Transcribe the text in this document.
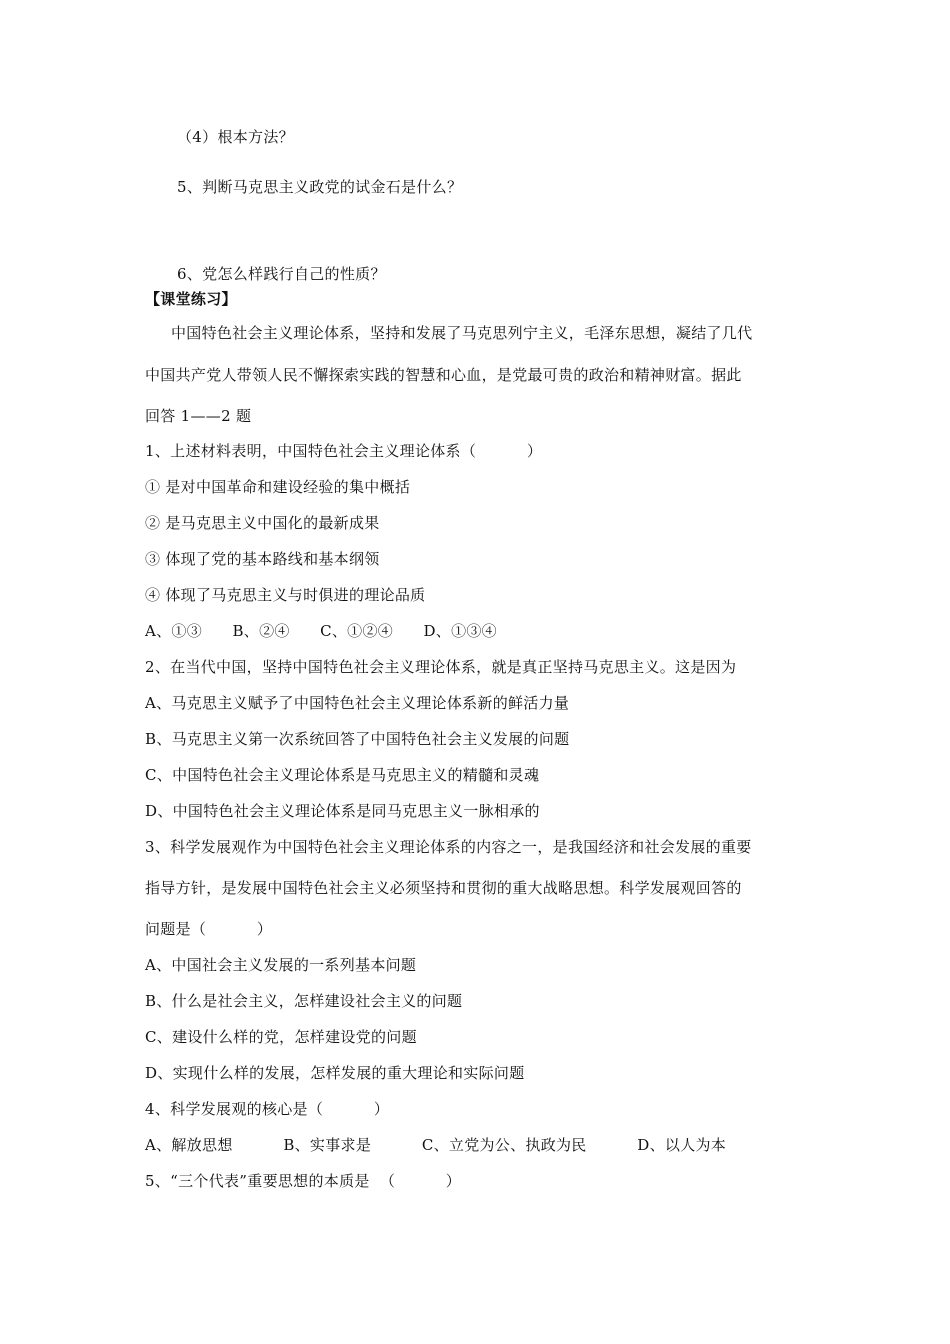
（4）根本方法？
5、判断马克思主义政党的试金石是什么？
6、党怎么样践行自己的性质？
【课堂练习】
中国特色社会主义理论体系，坚持和发展了马克思列宁主义，毛泽东思想，凝结了几代
中国共产党人带领人民不懈探索实践的智慧和心血，是党最可贵的政治和精神财富。据此
回答 1——2 题
1、上述材料表明，中国特色社会主义理论体系（          ）
① 是对中国革命和建设经验的集中概括
② 是马克思主义中国化的最新成果
③ 体现了党的基本路线和基本纲领
④ 体现了马克思主义与时俱进的理论品质
A、①③      B、②④      C、①②④      D、①③④
2、在当代中国，坚持中国特色社会主义理论体系，就是真正坚持马克思主义。这是因为
A、马克思主义赋予了中国特色社会主义理论体系新的鲜活力量
B、马克思主义第一次系统回答了中国特色社会主义发展的问题
C、中国特色社会主义理论体系是马克思主义的精髓和灵魂
D、中国特色社会主义理论体系是同马克思主义一脉相承的
3、科学发展观作为中国特色社会主义理论体系的内容之一，是我国经济和社会发展的重要
指导方针，是发展中国特色社会主义必须坚持和贯彻的重大战略思想。科学发展观回答的
问题是（          ）
A、中国社会主义发展的一系列基本问题
B、什么是社会主义，怎样建设社会主义的问题
C、建设什么样的党，怎样建设党的问题
D、实现什么样的发展，怎样发展的重大理论和实际问题
4、科学发展观的核心是（          ）
A、解放思想          B、实事求是          C、立党为公、执政为民          D、以人为本
5、“三个代表”重要思想的本质是  （          ）
